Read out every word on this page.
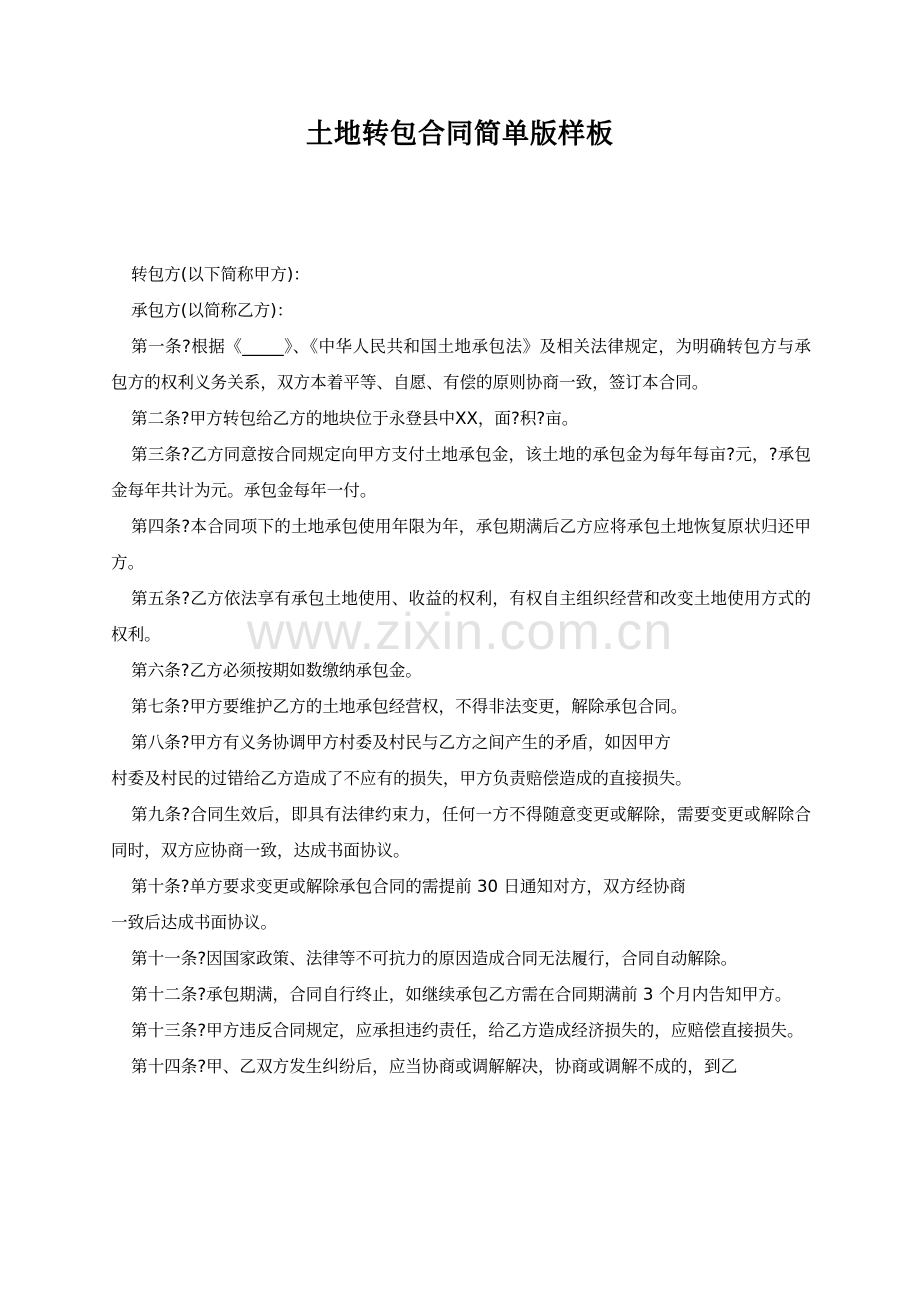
www.zixin.com.cn
土地转包合同简单版样板

转包方(以下简称甲方)：

承包方(以简称乙方)：

第一条?根据《_____》、《中华人民共和国土地承包法》及相关法律规定，为明确转包方与承包方的权利义务关系，双方本着平等、自愿、有偿的原则协商一致，签订本合同。

第二条?甲方转包给乙方的地块位于永登县中XX，面?积?亩。

第三条?乙方同意按合同规定向甲方支付土地承包金，该土地的承包金为每年每亩?元，?承包金每年共计为元。承包金每年一付。

第四条?本合同项下的土地承包使用年限为年，承包期满后乙方应将承包土地恢复原状归还甲方。

第五条?乙方依法享有承包土地使用、收益的权利，有权自主组织经营和改变土地使用方式的权利。

第六条?乙方必须按期如数缴纳承包金。

第七条?甲方要维护乙方的土地承包经营权，不得非法变更，解除承包合同。

第八条?甲方有义务协调甲方村委及村民与乙方之间产生的矛盾，如因甲方

村委及村民的过错给乙方造成了不应有的损失，甲方负责赔偿造成的直接损失。

第九条?合同生效后，即具有法律约束力，任何一方不得随意变更或解除，需要变更或解除合同时，双方应协商一致，达成书面协议。

第十条?单方要求变更或解除承包合同的需提前 30 日通知对方，双方经协商

一致后达成书面协议。

第十一条?因国家政策、法律等不可抗力的原因造成合同无法履行，合同自动解除。

第十二条?承包期满，合同自行终止，如继续承包乙方需在合同期满前 3 个月内告知甲方。

第十三条?甲方违反合同规定，应承担违约责任，给乙方造成经济损失的，应赔偿直接损失。

第十四条?甲、乙双方发生纠纷后，应当协商或调解解决，协商或调解不成的，到乙
